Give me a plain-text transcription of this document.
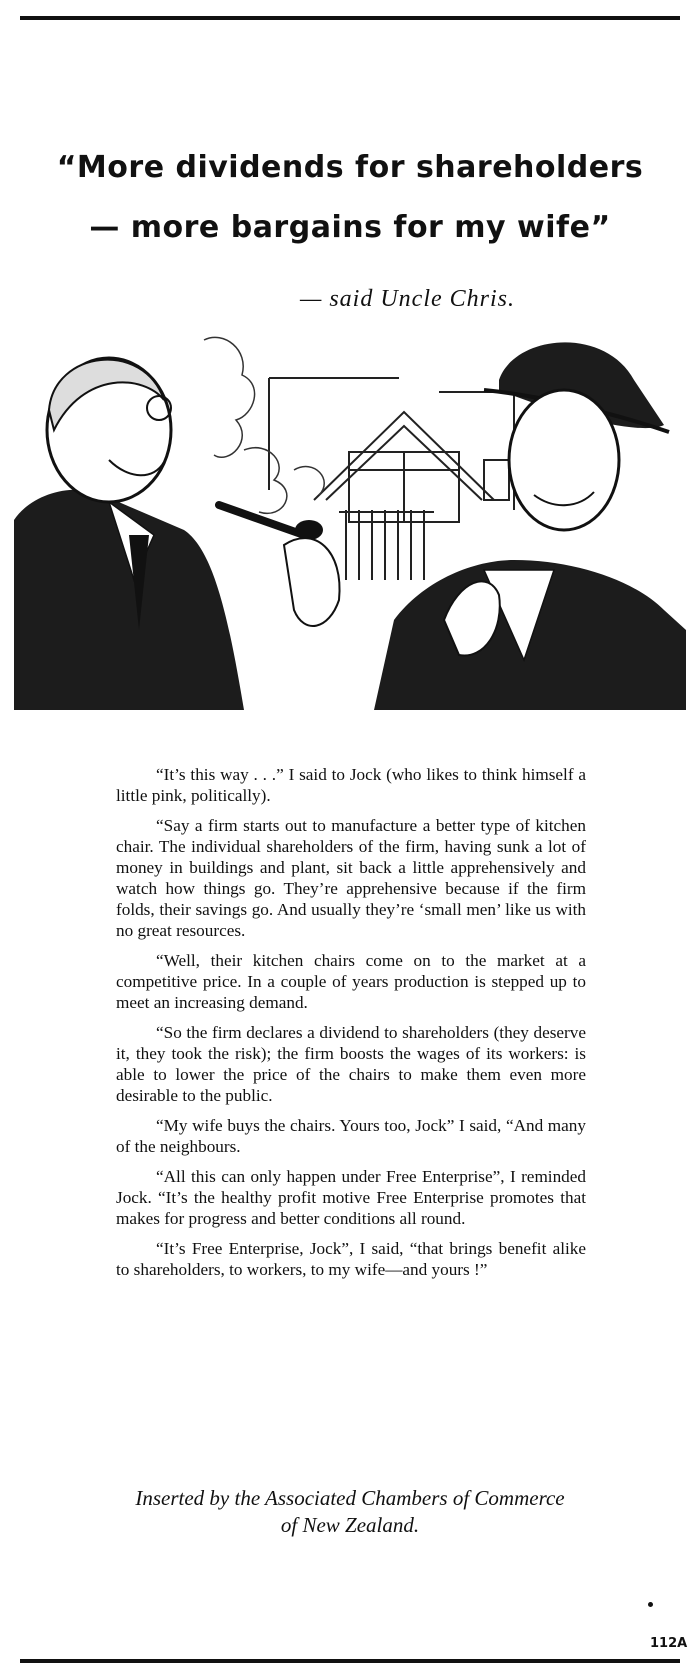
“More dividends for shareholders
— more bargains for my wife”

— said Uncle Chris.

“It’s this way . . .” I said to Jock (who likes to think himself a little pink, politically).

“Say a firm starts out to manufacture a better type of kitchen chair. The individual shareholders of the firm, having sunk a lot of money in buildings and plant, sit back a little apprehensively and watch how things go. They’re apprehensive because if the firm folds, their savings go. And usually they’re ‘small men’ like us with no great resources.

“Well, their kitchen chairs come on to the market at a competitive price. In a couple of years production is stepped up to meet an increasing demand.

“So the firm declares a dividend to shareholders (they deserve it, they took the risk); the firm boosts the wages of its workers: is able to lower the price of the chairs to make them even more desirable to the public.

“My wife buys the chairs. Yours too, Jock” I said, “And many of the neighbours.

“All this can only happen under Free Enterprise”, I reminded Jock. “It’s the healthy profit motive Free Enterprise promotes that makes for progress and better conditions all round.

“It’s Free Enterprise, Jock”, I said, “that brings benefit alike to shareholders, to workers, to my wife—and yours !”

Inserted by the Associated Chambers of Commerce
of New Zealand.
112A
